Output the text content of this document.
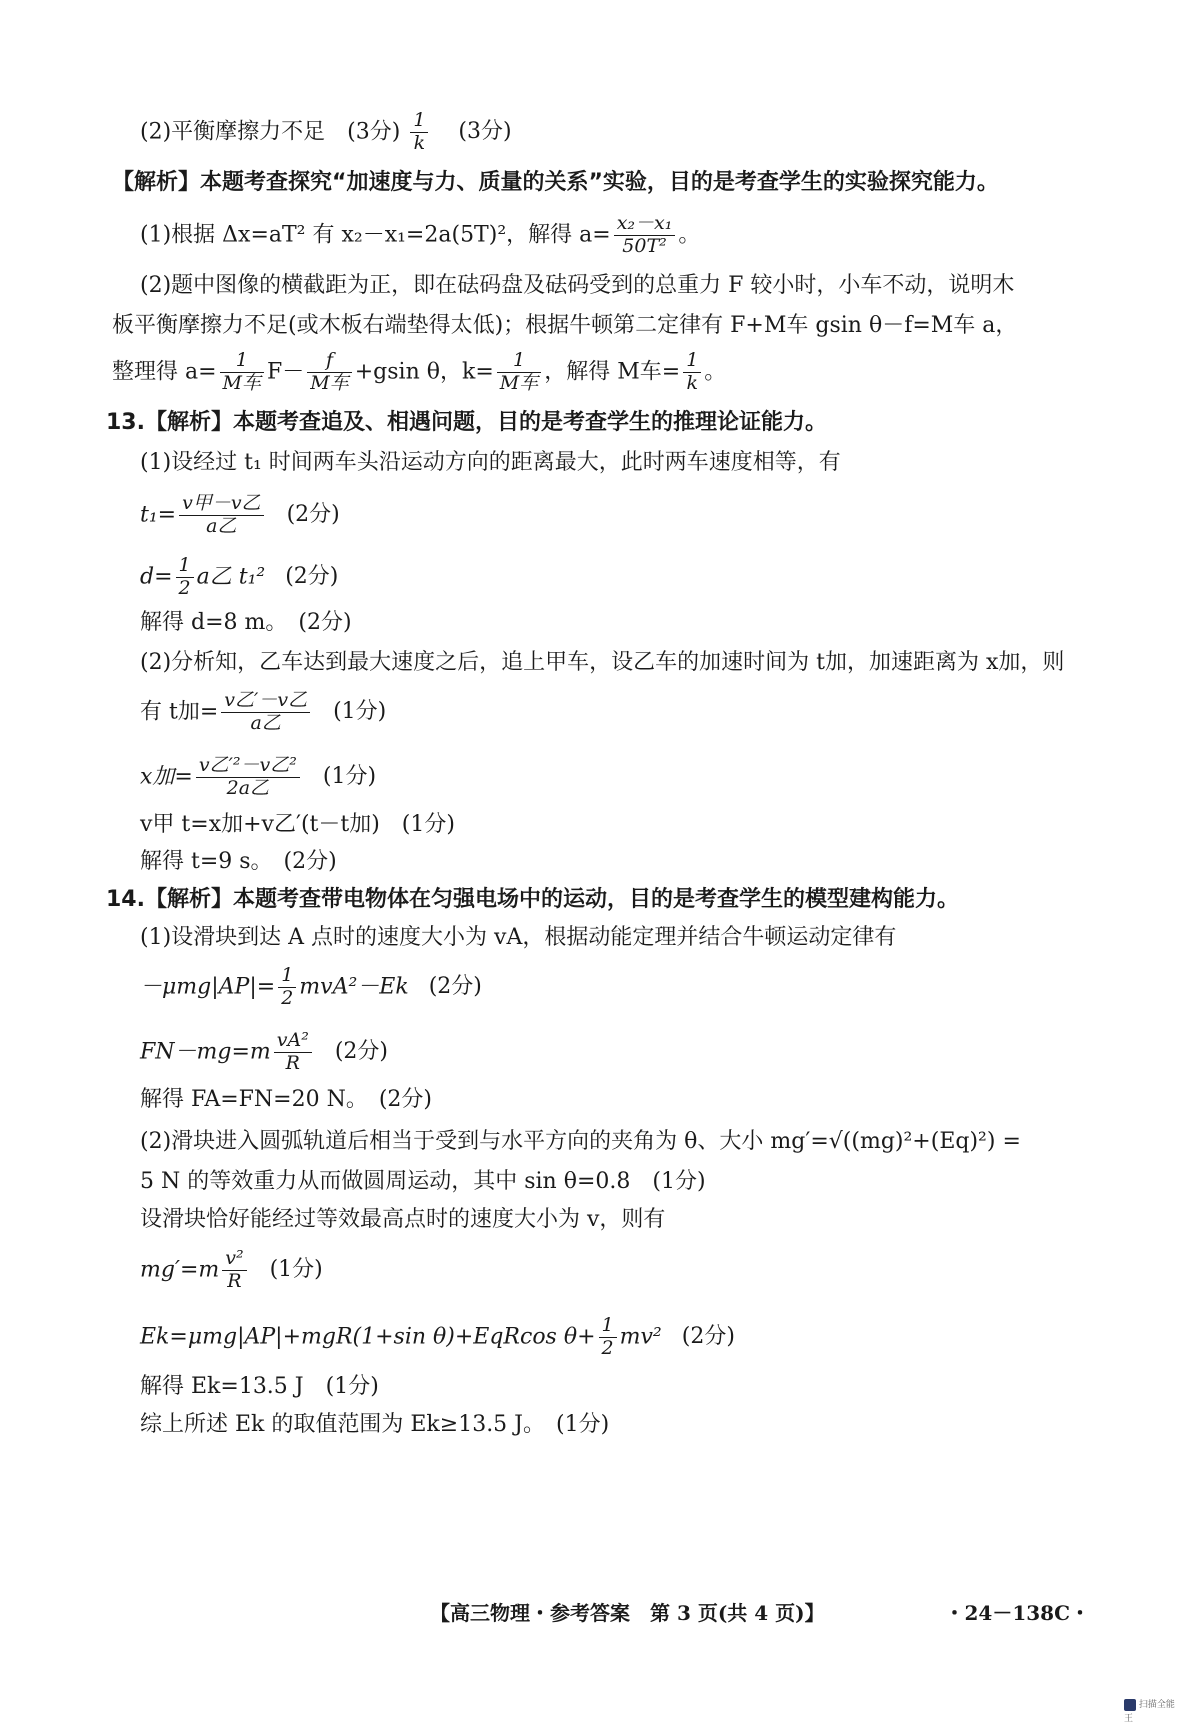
(2)平衡摩擦力不足　(3分) $\frac{1}{k} (3$分)
【解析】本题考查探究“加速度与力、质量的关系”实验，目的是考查学生的实验探究能力。
(1)根据 Δx=aT² 有 x₂－x₁=2a(5T)²，解得 $a= \frac{\text{x₂－x₁}}{\text{50T²}}$ 。
(2)题中图像的横截距为正，即在砝码盘及砝码受到的总重力 F 较小时，小车不动，说明木
板平衡摩擦力不足(或木板右端垫得太低)；根据牛顿第二定律有 F+M车 gsin θ－f=M车 a，
整理得 $a= \frac{1}{\text{M车}} F- \frac{f}{\text{M车}} +gsin$ θ，$k= \frac{1}{\text{M车}}$ ，解得 M车= $\frac{1}{k}$ 。
13.【解析】本题考查追及、相遇问题，目的是考查学生的推理论证能力。
(1)设经过 t₁ 时间两车头沿运动方向的距离最大，此时两车速度相等，有
$t_1= \frac{\text{v甲－v乙}}{\text{a乙}} (2$分)
$d= \frac{1}{2}$ a乙 t₁² (2分)
解得 d=8 m。　(2分)
(2)分析知，乙车达到最大速度之后，追上甲车，设乙车的加速时间为 t加，加速距离为 x加，则
有 t加= $\frac{\text{v乙′－v乙}}{\text{a乙}} (1$分)
x加= $\frac{\text{v乙′²－v乙²}}{\text{2a乙}} (1$分)
v甲 t=x加+v乙′(t－t加)　(1分)
解得 t=9 s。　(2分)
14.【解析】本题考查带电物体在匀强电场中的运动，目的是考查学生的模型建构能力。
(1)设滑块到达 A 点时的速度大小为 vA，根据动能定理并结合牛顿运动定律有
$-\mu mg|AP|= \frac{1}{2} mvA^2-Ek$ (2分)
$FN-mg=m \frac{\text{vA²}}{R} (2$分)
解得 FA=FN=20 N。　(2分)
(2)滑块进入圆弧轨道后相当于受到与水平方向的夹角为 θ、大小 mg′=√((mg)²+(Eq)²) =
5 N 的等效重力从而做圆周运动，其中 sin θ=0.8　(1分)
设滑块恰好能经过等效最高点时的速度大小为 v，则有
$mg'=m \frac{\text{v²}}{R} (1$分)
Ek=μmg|AP|+mgR(1+sin θ)+EqRcos $\theta+ \frac{1}{2} mv^2$ (2分)
解得 Ek=13.5 J　(1分)
综上所述 Ek 的取值范围为 Ek≥13.5 J。　(1分)
【高三物理・参考答案　第 3 页(共 4 页)】	・24－138C・
扫描全能王
